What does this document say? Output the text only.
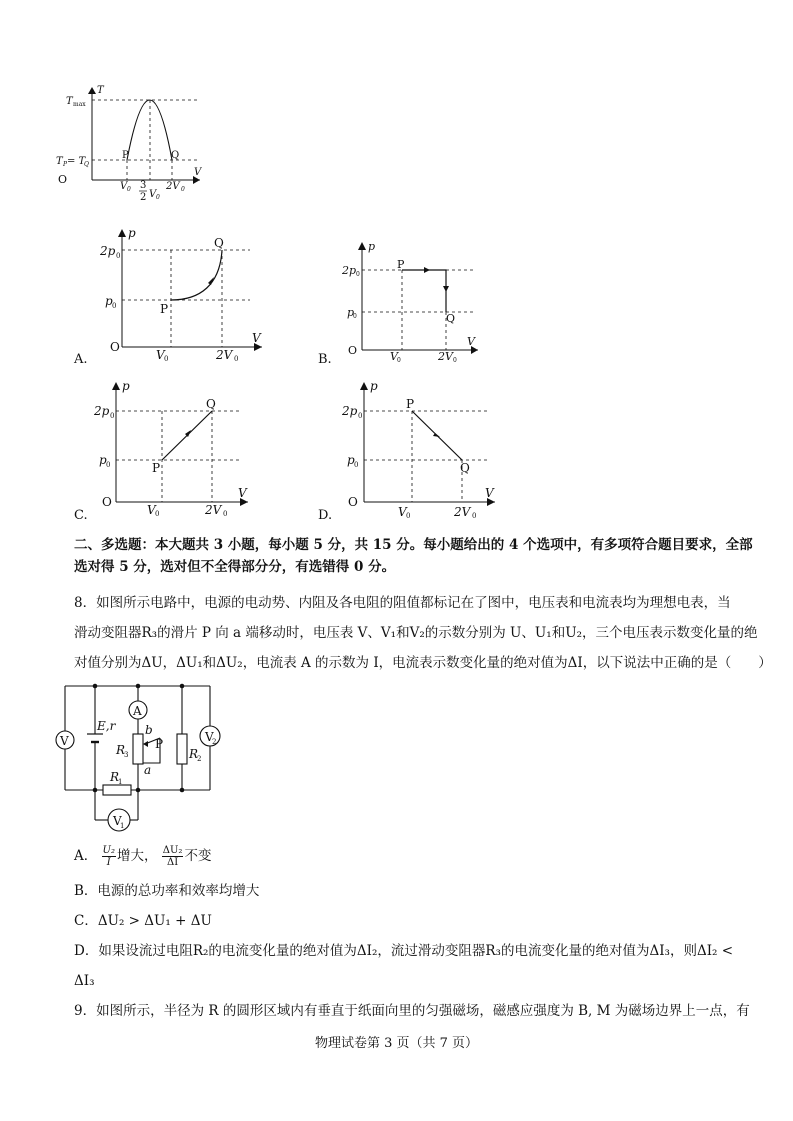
T
T max
T P = T
Q
P	Q
O
V
V 0 3
2 V 0
2V 0
p
2p 0
p 0	P
Q
O
V
V 0	2V 0
A.
p
2p 0
p
0
P
Q
O
V
V 0	2V 0
B.
p
2p 0
p 0	P
Q
O
V
V 0	2V 0
C.
p
2p 0
p 0
P
Q
O
V
V 0	2V 0
D.
二、多选题：本大题共 3 小题，每小题 5 分，共 15 分。每小题给出的 4 个选项中，有多项符合题目要求，全部
选对得 5 分，选对但不全得部分分，有选错得 0 分。
8．如图所示电路中，电源的电动势、内阻及各电阻的阻值都标记在了图中，电压表和电流表均为理想电表，当
滑动变阻器R₃的滑片 P 向 a 端移动时，电压表 V、V₁和V₂的示数分别为 U、U₁和U₂，三个电压表示数变化量的绝
对值分别为ΔU，ΔU₁和ΔU₂，电流表 A 的示数为 I，电流表示数变化量的绝对值为ΔI，以下说法中正确的是（　　）
V
A
V
2
V
1
E,r
R
3
b
P
a
R
2
R
1
A． $\frac{\text{U₂}}{I}$ 增大， $\frac{\text{ΔU₂}}{\Delta I}$ 不变
B．电源的总功率和效率均增大
C．ΔU₂ > ΔU₁ + ΔU
D．如果设流过电阻R₂的电流变化量的绝对值为ΔI₂，流过滑动变阻器R₃的电流变化量的绝对值为ΔI₃，则ΔI₂ <
ΔI₃
9．如图所示，半径为 R 的圆形区域内有垂直于纸面向里的匀强磁场，磁感应强度为 B, M 为磁场边界上一点，有
物理试卷第 3 页（共 7 页）
